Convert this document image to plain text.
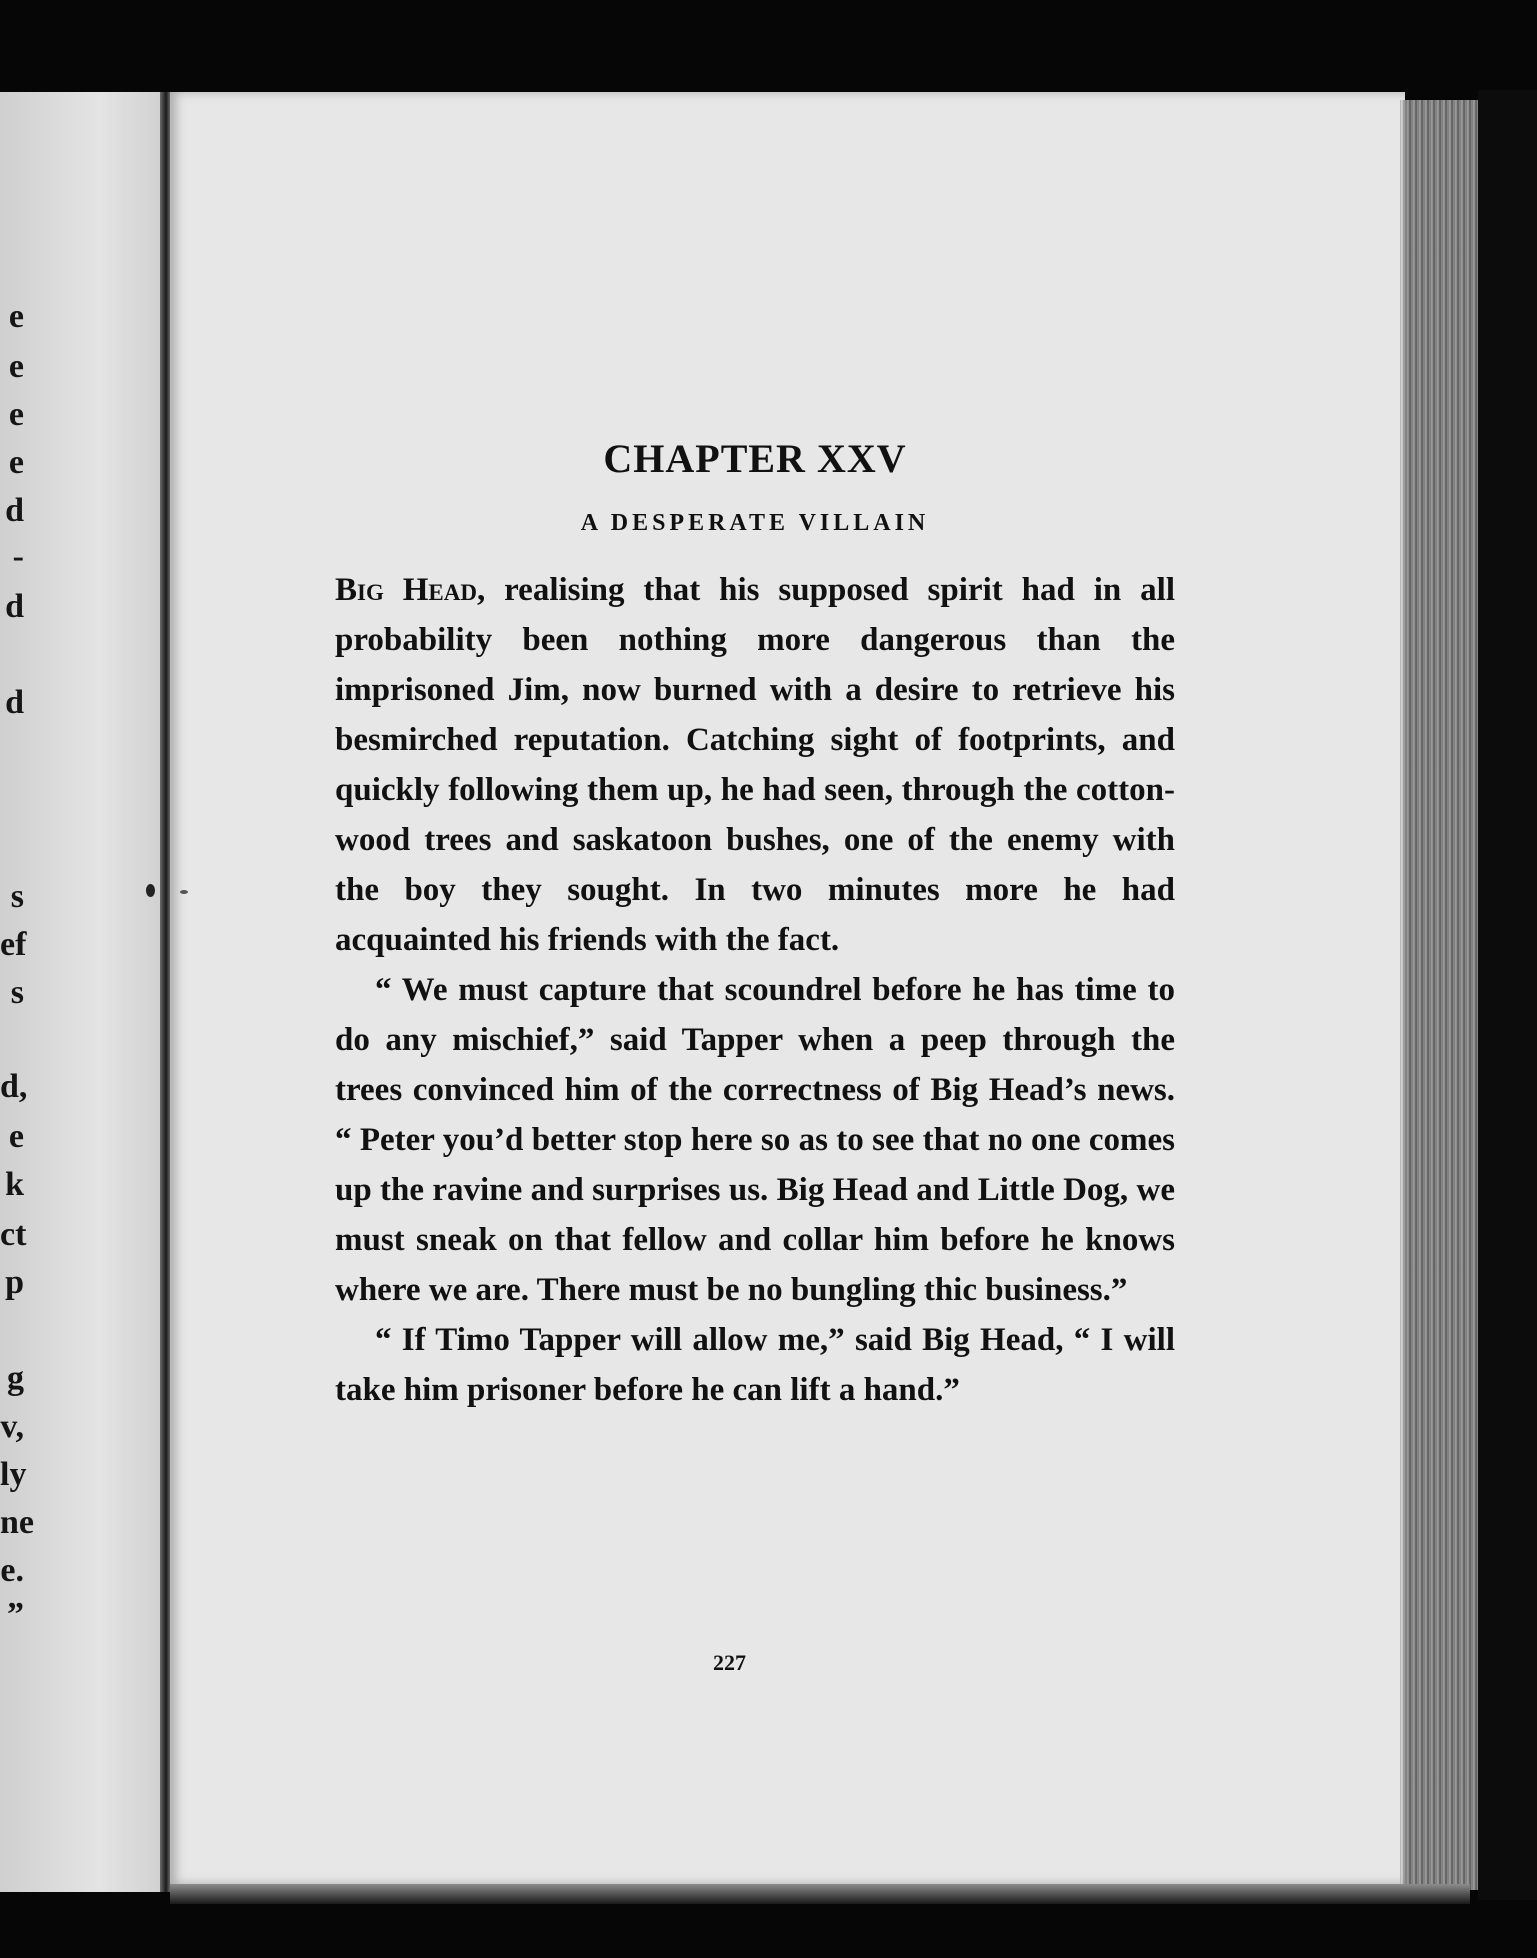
e
e
e
e
d
-
d
d
s
ef
s
d,
e
k
ct
p
g
v,
ly
ne
e.
”
CHAPTER XXV
A DESPERATE VILLAIN

Big Head, realising that his supposed spirit had in all probability been nothing more dangerous than the imprisoned Jim, now burned with a desire to retrieve his besmirched reputation. Catching sight of footprints, and quickly following them up, he had seen, through the cotton-wood trees and saskatoon bushes, one of the enemy with the boy they sought. In two minutes more he had acquainted his friends with the fact.

“ We must capture that scoundrel before he has time to do any mischief,” said Tapper when a peep through the trees convinced him of the correctness of Big Head’s news. “ Peter you’d better stop here so as to see that no one comes up the ravine and surprises us. Big Head and Little Dog, we must sneak on that fellow and collar him before he knows where we are. There must be no bungling thic business.”

“ If Timo Tapper will allow me,” said Big Head, “ I will take him prisoner before he can lift a hand.”

227
